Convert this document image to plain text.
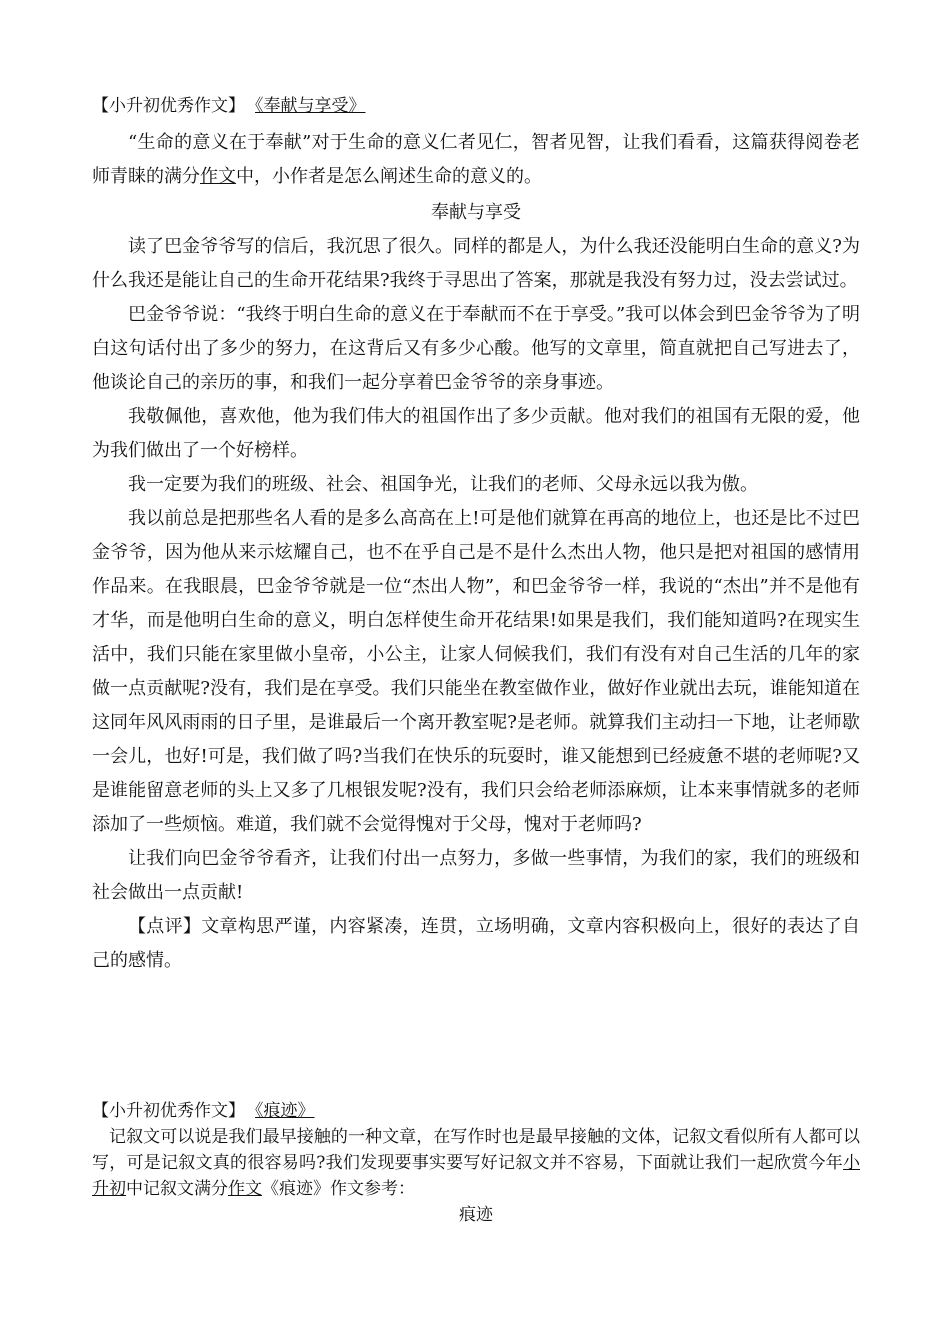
【小升初优秀作文】 《奉献与享受》

“生命的意义在于奉献”对于生命的意义仁者见仁，智者见智，让我们看看，这篇获得阅卷老师青睐的满分作文中，小作者是怎么阐述生命的意义的。

奉献与享受

读了巴金爷爷写的信后，我沉思了很久。同样的都是人，为什么我还没能明白生命的意义?为什么我还是能让自己的生命开花结果?我终于寻思出了答案，那就是我没有努力过，没去尝试过。

巴金爷爷说：“我终于明白生命的意义在于奉献而不在于享受。”我可以体会到巴金爷爷为了明白这句话付出了多少的努力，在这背后又有多少心酸。他写的文章里，简直就把自己写进去了，他谈论自己的亲历的事，和我们一起分享着巴金爷爷的亲身事迹。

我敬佩他，喜欢他，他为我们伟大的祖国作出了多少贡献。他对我们的祖国有无限的爱，他为我们做出了一个好榜样。

我一定要为我们的班级、社会、祖国争光，让我们的老师、父母永远以我为傲。

我以前总是把那些名人看的是多么高高在上!可是他们就算在再高的地位上，也还是比不过巴金爷爷，因为他从来示炫耀自己，也不在乎自己是不是什么杰出人物，他只是把对祖国的感情用作品来。在我眼晨，巴金爷爷就是一位“杰出人物”，和巴金爷爷一样，我说的“杰出”并不是他有才华，而是他明白生命的意义，明白怎样使生命开花结果!如果是我们，我们能知道吗?在现实生活中，我们只能在家里做小皇帝，小公主，让家人伺候我们，我们有没有对自己生活的几年的家做一点贡献呢?没有，我们是在享受。我们只能坐在教室做作业，做好作业就出去玩，谁能知道在这同年风风雨雨的日子里，是谁最后一个离开教室呢?是老师。就算我们主动扫一下地，让老师歇一会儿，也好!可是，我们做了吗?当我们在快乐的玩耍时，谁又能想到已经疲惫不堪的老师呢?又是谁能留意老师的头上又多了几根银发呢?没有，我们只会给老师添麻烦，让本来事情就多的老师添加了一些烦恼。难道，我们就不会觉得愧对于父母，愧对于老师吗?

让我们向巴金爷爷看齐，让我们付出一点努力，多做一些事情，为我们的家，我们的班级和社会做出一点贡献!

【点评】文章构思严谨，内容紧凑，连贯，立场明确，文章内容积极向上，很好的表达了自己的感情。

【小升初优秀作文】 《痕迹》

记叙文可以说是我们最早接触的一种文章，在写作时也是最早接触的文体，记叙文看似所有人都可以写，可是记叙文真的很容易吗?我们发现要事实要写好记叙文并不容易，下面就让我们一起欣赏今年小升初中记叙文满分作文《痕迹》作文参考：

痕迹
